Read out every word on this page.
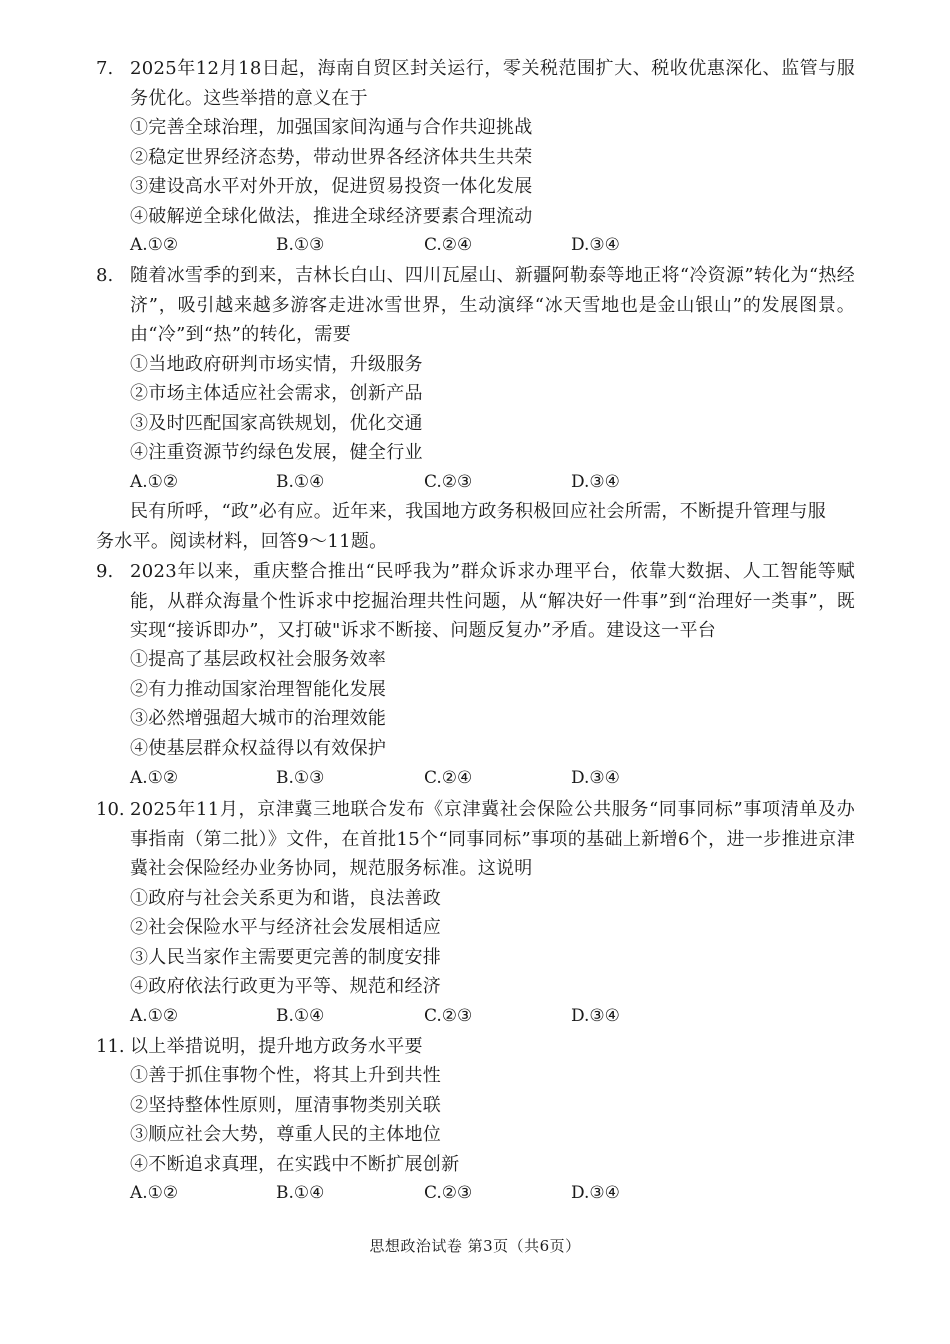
7. 2025年12月18日起，海南自贸区封关运行，零关税范围扩大、税收优惠深化、监管与服务优化。这些举措的意义在于
①完善全球治理，加强国家间沟通与合作共迎挑战
②稳定世界经济态势，带动世界各经济体共生共荣
③建设高水平对外开放，促进贸易投资一体化发展
④破解逆全球化做法，推进全球经济要素合理流动
A.①②	B.①③	C.②④	D.③④
8. 随着冰雪季的到来，吉林长白山、四川瓦屋山、新疆阿勒泰等地正将“冷资源”转化为“热经济”，吸引越来越多游客走进冰雪世界，生动演绎“冰天雪地也是金山银山”的发展图景。由“冷”到“热”的转化，需要
①当地政府研判市场实情，升级服务
②市场主体适应社会需求，创新产品
③及时匹配国家高铁规划，优化交通
④注重资源节约绿色发展，健全行业
A.①②	B.①④	C.②③	D.③④
民有所呼，“政”必有应。近年来，我国地方政务积极回应社会所需，不断提升管理与服
务水平。阅读材料，回答9～11题。
9. 2023年以来，重庆整合推出“民呼我为”群众诉求办理平台，依靠大数据、人工智能等赋能，从群众海量个性诉求中挖掘治理共性问题，从“解决好一件事”到“治理好一类事”，既实现“接诉即办”，又打破"诉求不断接、问题反复办”矛盾。建设这一平台
①提高了基层政权社会服务效率
②有力推动国家治理智能化发展
③必然增强超大城市的治理效能
④使基层群众权益得以有效保护
A.①②	B.①③	C.②④	D.③④
10. 2025年11月，京津冀三地联合发布《京津冀社会保险公共服务“同事同标”事项清单及办事指南（第二批）》文件，在首批15个“同事同标”事项的基础上新增6个，进一步推进京津冀社会保险经办业务协同，规范服务标准。这说明
①政府与社会关系更为和谐，良法善政
②社会保险水平与经济社会发展相适应
③人民当家作主需要更完善的制度安排
④政府依法行政更为平等、规范和经济
A.①②	B.①④	C.②③	D.③④
11. 以上举措说明，提升地方政务水平要
①善于抓住事物个性，将其上升到共性
②坚持整体性原则，厘清事物类别关联
③顺应社会大势，尊重人民的主体地位
④不断追求真理，在实践中不断扩展创新
A.①②	B.①④	C.②③	D.③④
思想政治试卷 第3页（共6页）
